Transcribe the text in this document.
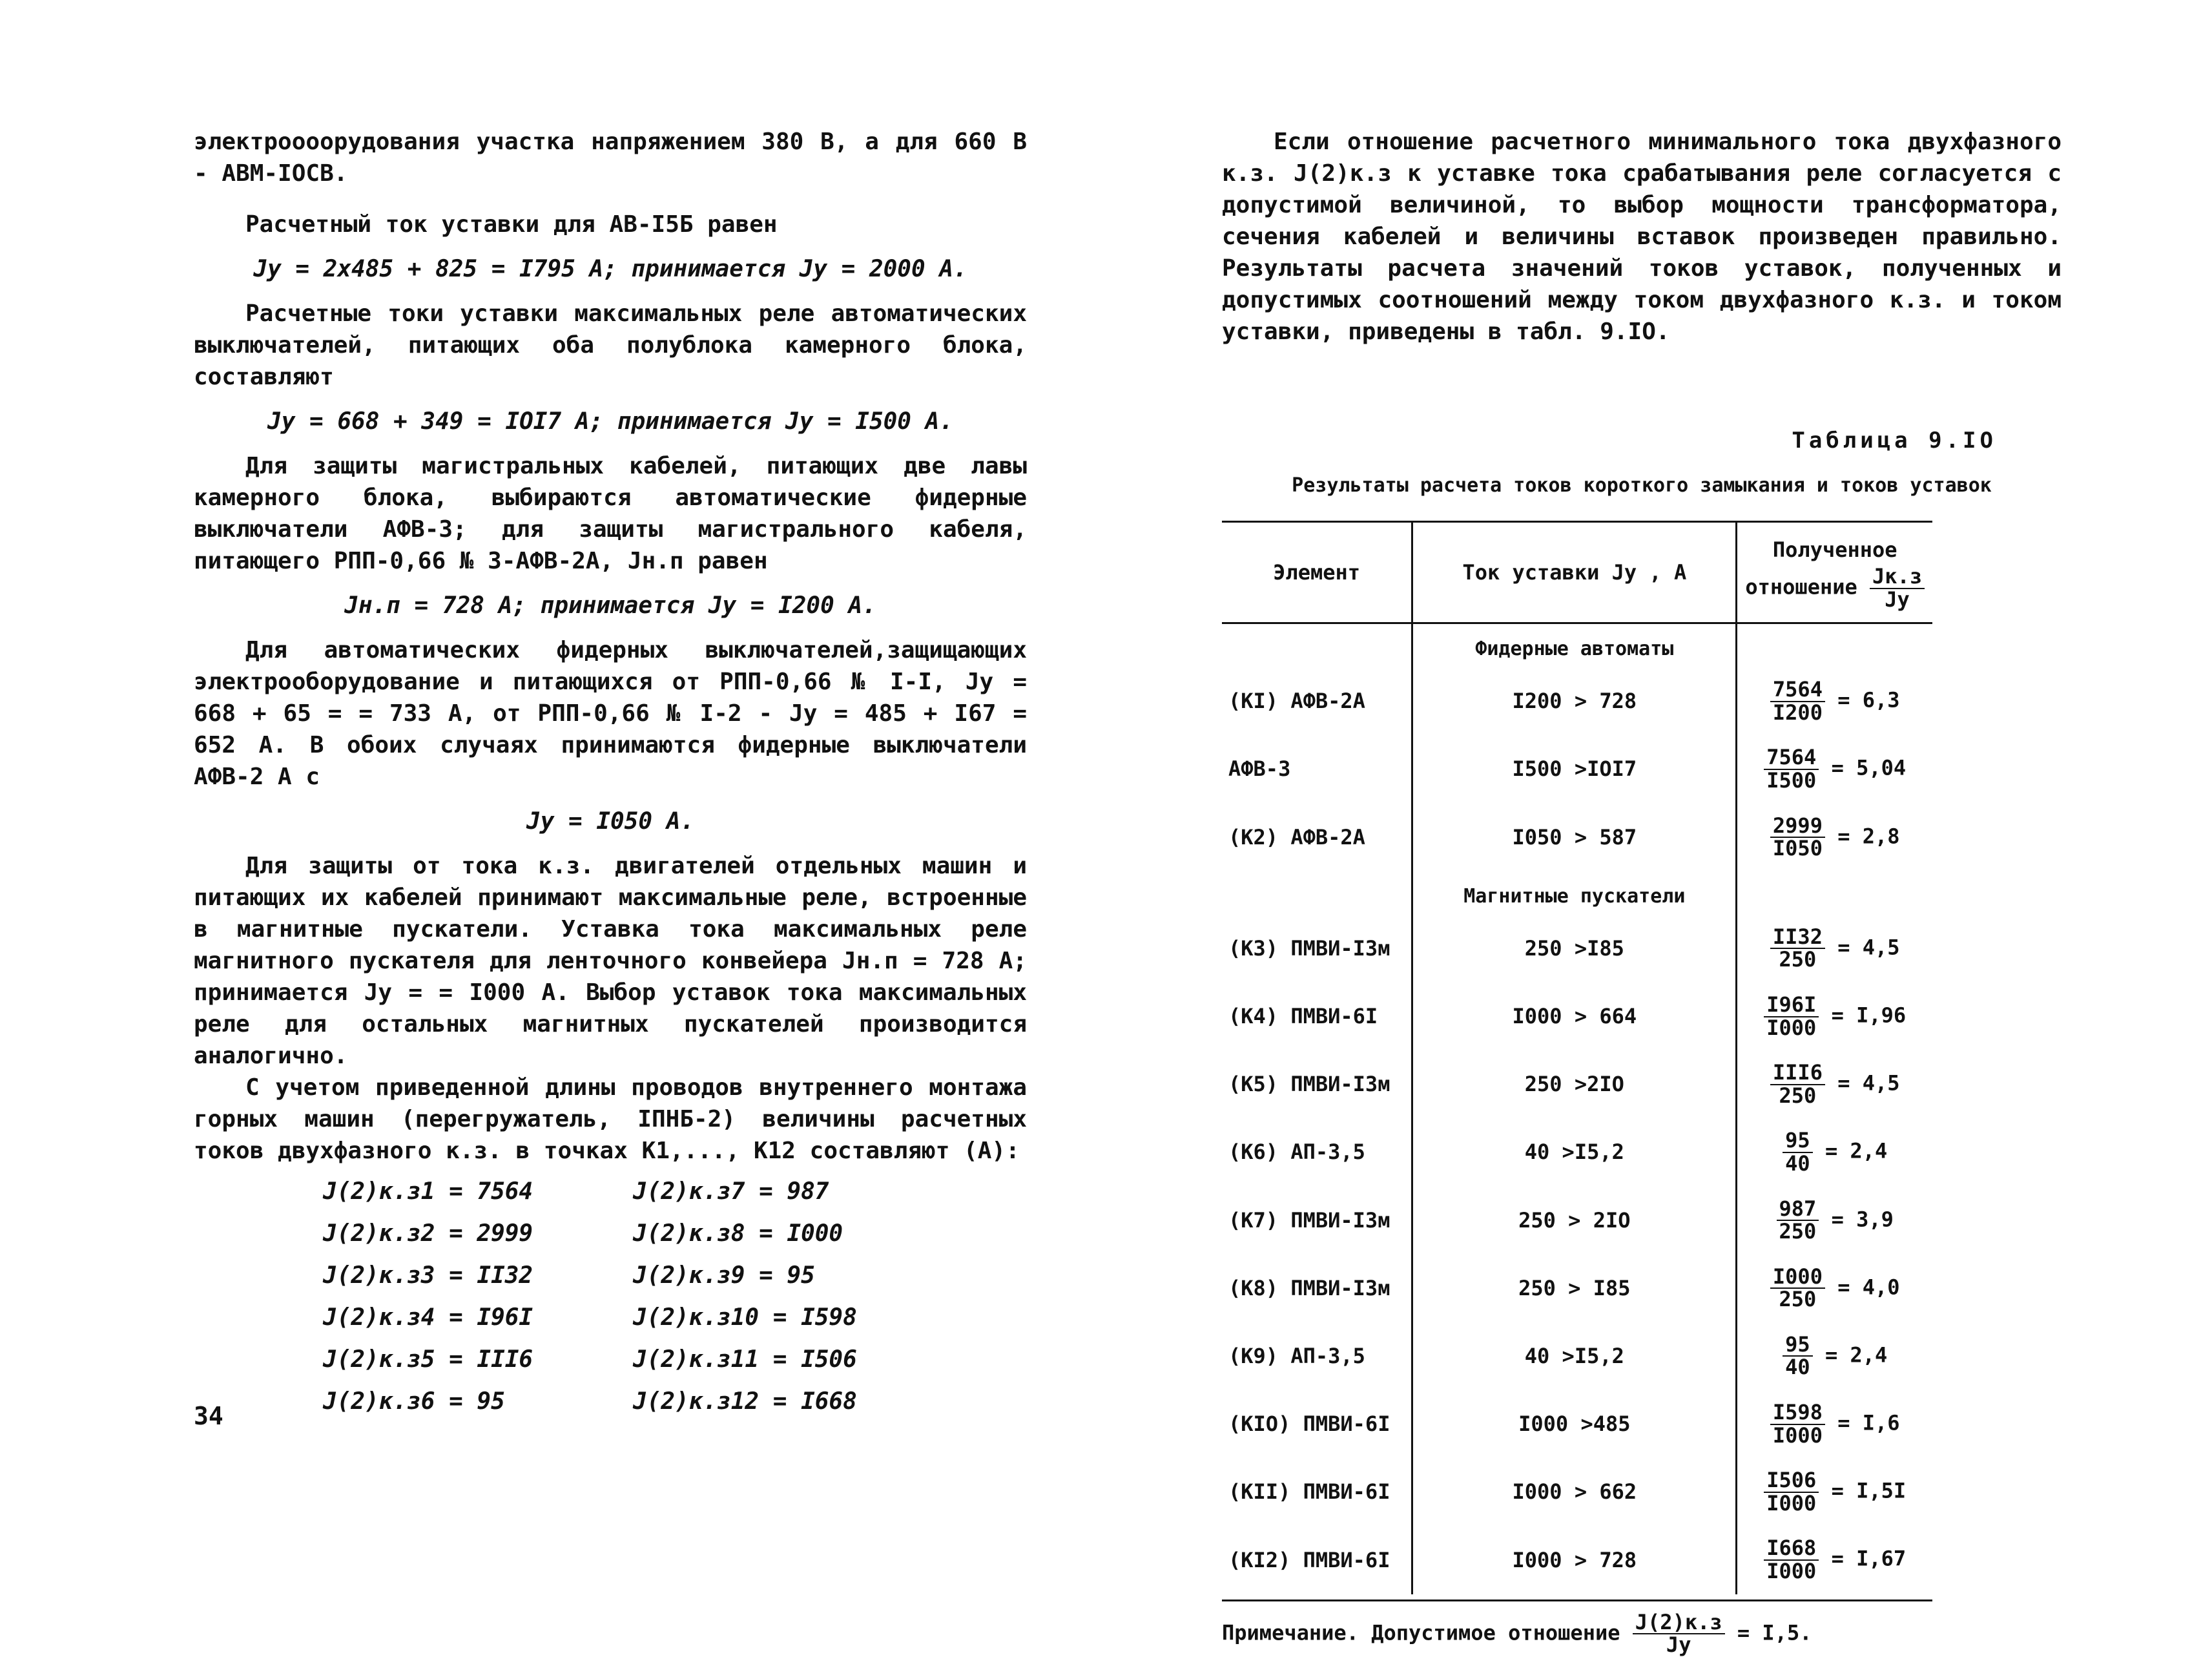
электроооорудования участка напряжением 380 В, а для 660 В - АВМ-IOСВ.

Расчетный ток уставки для АВ-I5Б равен

Jу = 2x485 + 825 = I795 А; принимается Jу = 2000 А.

Расчетные токи уставки максимальных реле автоматических выключателей, питающих оба полублока камерного блока, составляют

Jу = 668 + 349 = IOI7 А; принимается Jу = I500 А.

Для защиты магистральных кабелей, питающих две лавы камерного блока, выбираются автоматические фидерные выключатели АФВ-3; для защиты магистрального кабеля, питающего РПП-0,66 № 3-АФВ-2А, Jн.п равен

Jн.п = 728 А; принимается Jу = I200 А.

Для автоматических фидерных выключателей,защищающих электрооборудование и питающихся от РПП-0,66 № I-I, Jу = 668 + 65 = = 733 А, от РПП-0,66 № I-2 - Jу = 485 + I67 = 652 А. В обоих случаях принимаются фидерные выключатели АФВ-2 А с

Jу = I050 А.

Для защиты от тока к.з. двигателей отдельных машин и питающих их кабелей принимают максимальные реле, встроенные в магнитные пускатели. Уставка тока максимальных реле магнитного пускателя для ленточного конвейера Jн.п = 728 А; принимается Jу = = I000 А. Выбор уставок тока максимальных реле для остальных магнитных пускателей производится аналогично.

С учетом приведенной длины проводов внутреннего монтажа горных машин (перегружатель, IПНБ-2) величины расчетных токов двухфазного к.з. в точках K1,..., K12 составляют (А):

J(2)к.з1 = 7564	J(2)к.з7 = 987
J(2)к.з2 = 2999	J(2)к.з8 = I000
J(2)к.з3 = II32	J(2)к.з9 = 95
J(2)к.з4 = I96I	J(2)к.з10 = I598
J(2)к.з5 = III6	J(2)к.з11 = I506
J(2)к.з6 = 95	J(2)к.з12 = I668
34

Если отношение расчетного минимального тока двухфазного к.з. J(2)к.з к уставке тока срабатывания реле согласуется с допустимой величиной, то выбор мощности трансформатора, сечения кабелей и величины вставок произведен правильно. Результаты расчета значений токов уставок, полученных и допустимых соотношений между током двухфазного к.з. и током уставки, приведены в табл. 9.IO.

Таблица 9.IO
Результаты расчета токов короткого замыкания и токов уставок
Элемент	Ток уставки Jу , А	Полученное отношение $\frac{Jк.з}{Jу}$

	Фидерные автоматы	
(KI) АФВ-2А	I200 > 728	$\frac{7564}{I200} = 6,3$
АФВ-3	I500 >IOI7	$\frac{7564}{I500} = 5,04$
(K2) АФВ-2А	I050 > 587	$\frac{2999}{I050} = 2,8$
	Магнитные пускатели	
(K3) ПМВИ-I3м	250 >I85	$\frac{II32}{250} = 4,5$
(K4) ПМВИ-6I	I000 > 664	$\frac{I96I}{I000} = I,96$
(K5) ПМВИ-I3м	250 >2IO	$\frac{\text{III6}}{250} = 4,5$
(K6) АП-3,5	40 >I5,2	$\frac{95}{40} = 2,4$
(K7) ПМВИ-I3м	250 > 2IO	$\frac{987}{250} = 3,9$
(K8) ПМВИ-I3м	250 > I85	$\frac{I000}{250} = 4,0$
(K9) АП-3,5	40 >I5,2	$\frac{95}{40} = 2,4$
(KIO) ПМВИ-6I	I000 >485	$\frac{I598}{I000} = I,6$
(KII) ПМВИ-6I	I000 > 662	$\frac{I506}{I000} = I,5I$
(KI2) ПМВИ-6I	I000 > 728	$\frac{I668}{I000} = I,67$
Примечание. Допустимое отношение $\frac{J(2)к.з}{Jу} = I,5$.
